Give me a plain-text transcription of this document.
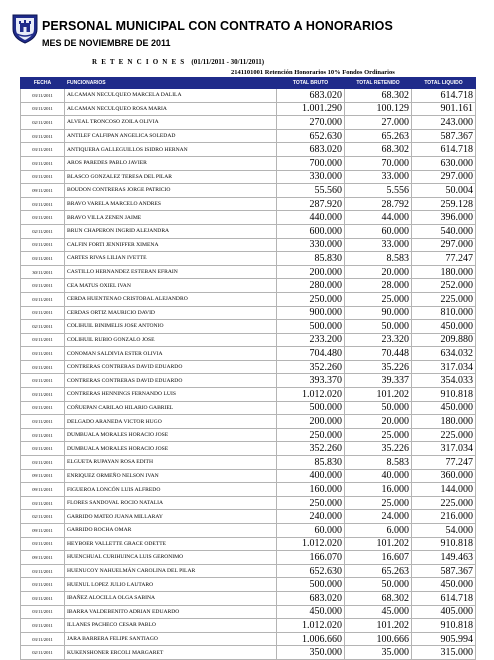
PERSONAL MUNICIPAL CON CONTRATO A HONORARIOS
MES DE NOVIEMBRE DE 2011
R E T E N C I O N E S (01/11/2011 - 30/11/2011)
2141101001 Retención Honorarios 10% Fondos Ordinarios
FECHA	FUNCIONARIOS	TOTAL BRUTO	TOTAL RETENIDO	TOTAL LIQUIDO
03/11/2011	ALCAMAN NECULQUEO MARCELA DALILA	683.020	68.302	614.718
03/11/2011	ALCAMAN NECULQUEO ROSA MARIA	1.001.290	100.129	901.161
02/11/2011	ALVEAL TRONCOSO ZOILA OLIVIA	270.000	27.000	243.000
03/11/2011	ANTILEF CALFIPAN ANGELICA SOLEDAD	652.630	65.263	587.367
03/11/2011	ANTIQUERA GALLEGUILLOS ISIDRO HERNAN	683.020	68.302	614.718
03/11/2011	AROS PAREDES PABLO JAVIER	700.000	70.000	630.000
03/11/2011	BLASCO GONZALEZ TERESA DEL PILAR	330.000	33.000	297.000
09/11/2011	BOUDON CONTRERAS JORGE PATRICIO	55.560	5.556	50.004
03/11/2011	BRAVO VARELA MARCELO ANDRES	287.920	28.792	259.128
03/11/2011	BRAVO VILLA ZENEN JAIME	440.000	44.000	396.000
02/11/2011	BRUN CHAPERON INGRID ALEJANDRA	600.000	60.000	540.000
03/11/2011	CALFIN FORTI JENNIFFER XIMENA	330.000	33.000	297.000
03/11/2011	CARTES RIVAS LILIAN IVETTE	85.830	8.583	77.247
30/11/2011	CASTILLO HERNANDEZ ESTEBAN EFRAIN	200.000	20.000	180.000
03/11/2011	CEA MATUS OXIEL IVAN	280.000	28.000	252.000
03/11/2011	CERDA HUENTENAO CRISTOBAL ALEJANDRO	250.000	25.000	225.000
03/11/2011	CERDAS ORTIZ MAURICIO DAVID	900.000	90.000	810.000
02/11/2011	COLIHUIL BINIMELIS JOSE ANTONIO	500.000	50.000	450.000
03/11/2011	COLIHUIL RUBIO GONZALO JOSE	233.200	23.320	209.880
03/11/2011	CONOMAN SALDIVIA ESTER OLIVIA	704.480	70.448	634.032
03/11/2011	CONTRERAS CONTRERAS DAVID EDUARDO	352.260	35.226	317.034
03/11/2011	CONTRERAS CONTRERAS DAVID EDUARDO	393.370	39.337	354.033
03/11/2011	CONTRERAS HENNINGS FERNANDO LUIS	1.012.020	101.202	910.818
03/11/2011	COÑUEPAN CARILAO HILARIO GABRIEL	500.000	50.000	450.000
03/11/2011	DELGADO ARANEDA VICTOR HUGO	200.000	20.000	180.000
03/11/2011	DUMBUALA MORALES HORACIO JOSE	250.000	25.000	225.000
03/11/2011	DUMBUALA MORALES HORACIO JOSE	352.260	35.226	317.034
03/11/2011	ELGUETA RUPAYAN ROSA EDITH	85.830	8.583	77.247
09/11/2011	ENRIQUEZ ORMEÑO NELSON IVAN	400.000	40.000	360.000
09/11/2011	FIGUEROA LONCÓN LUIS ALFREDO	160.000	16.000	144.000
03/11/2011	FLORES SANDOVAL ROCIO NATALIA	250.000	25.000	225.000
02/11/2011	GARRIDO MATEO JUANA MILLARAY	240.000	24.000	216.000
09/11/2011	GARRIDO ROCHA OMAR	60.000	6.000	54.000
03/11/2011	HEYBOER VALLETTE GRACE ODETTE	1.012.020	101.202	910.818
09/11/2011	HUENCHUAL CURIHUINCA LUIS GERONIMO	166.070	16.607	149.463
03/11/2011	HUENUCOY NAHUELMÁN CAROLINA DEL PILAR	652.630	65.263	587.367
03/11/2011	HUENUL LOPEZ JULIO LAUTARO	500.000	50.000	450.000
03/11/2011	IBAÑEZ ALOCILLA OLGA SABINA	683.020	68.302	614.718
03/11/2011	IBARRA VALDEBENITO ADRIAN EDUARDO	450.000	45.000	405.000
03/11/2011	ILLANES PACHECO CESAR PABLO	1.012.020	101.202	910.818
03/11/2011	JARA BARRERA FELIPE SANTIAGO	1.006.660	100.666	905.994
02/11/2011	KUKENSHONER ERCOLI MARGARET	350.000	35.000	315.000
